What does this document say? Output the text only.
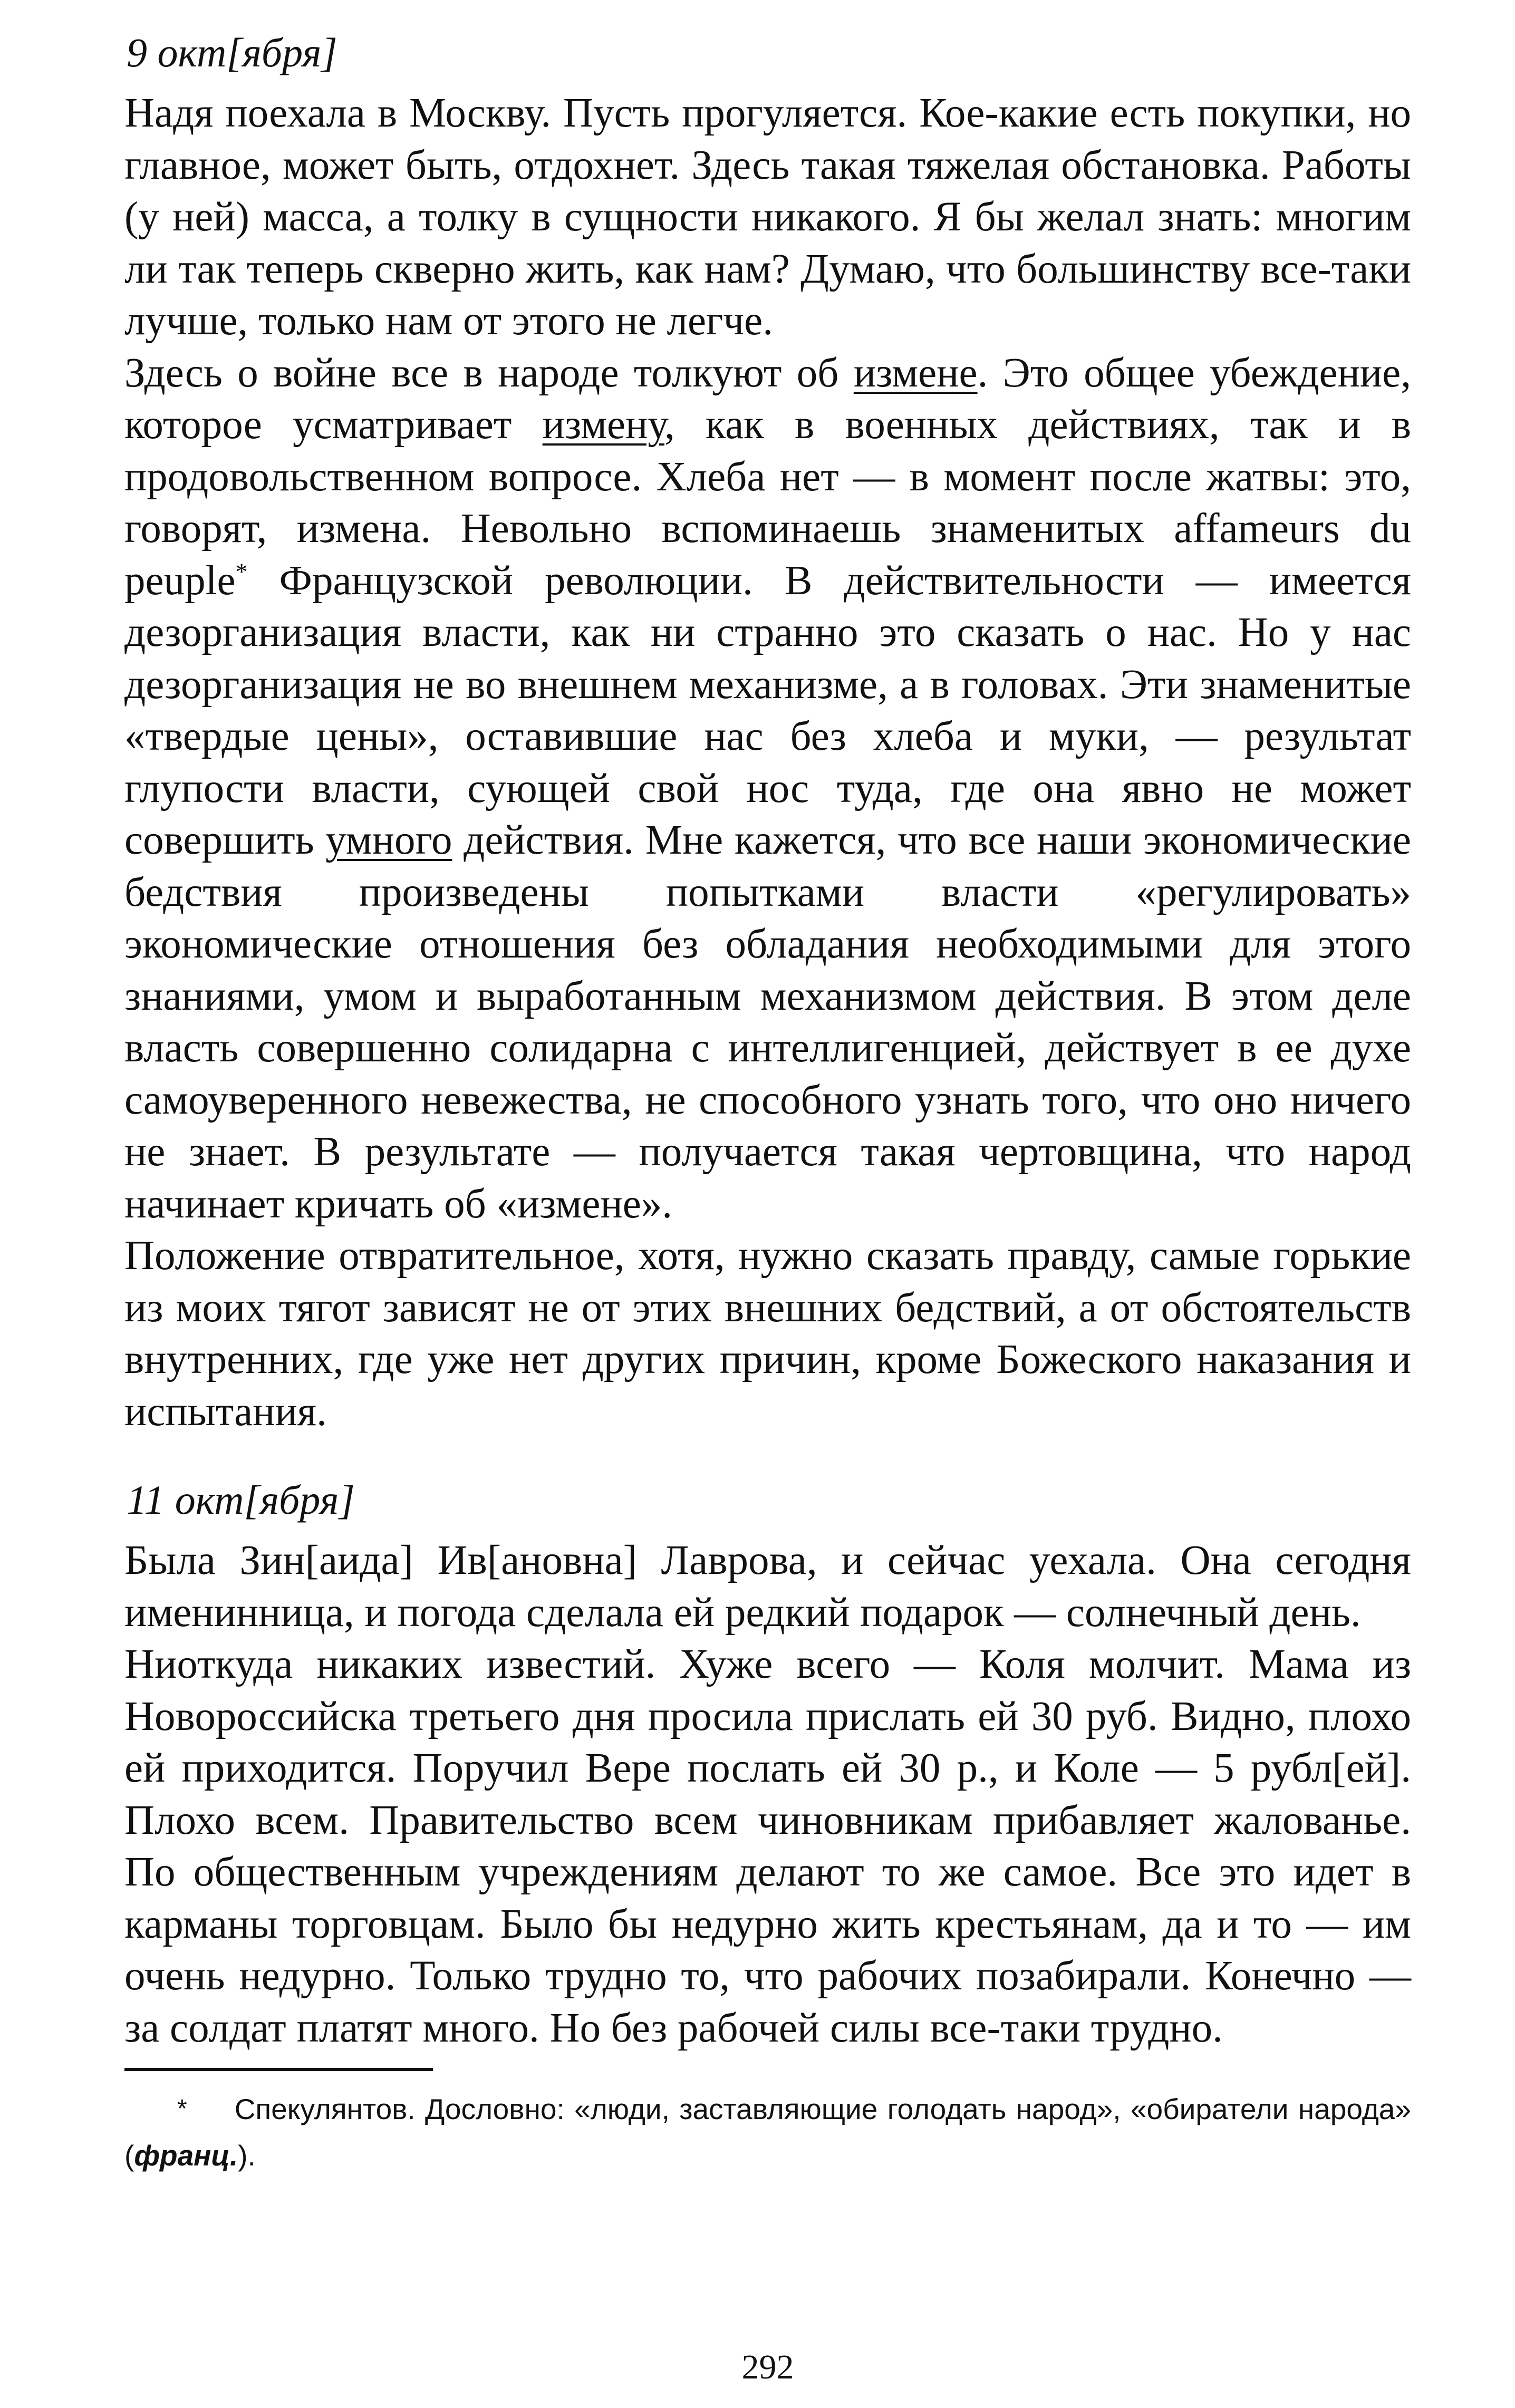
9 окт[ября]

Надя поехала в Москву. Пусть прогуляется. Кое-какие есть покупки, но главное, может быть, отдохнет. Здесь такая тяжелая обстановка. Работы (у ней) масса, а толку в сущности никакого. Я бы желал знать: многим ли так теперь скверно жить, как нам? Думаю, что большинству все-таки лучше, только нам от этого не легче.

Здесь о войне все в народе толкуют об измене. Это общее убеждение, которое усматривает измену, как в военных действиях, так и в продовольственном вопросе. Хлеба нет — в момент после жатвы: это, говорят, измена. Невольно вспоминаешь знаменитых affameurs du peuple* Французской революции. В действительности — имеется дезорганизация власти, как ни странно это сказать о нас. Но у нас дезорганизация не во внешнем механизме, а в головах. Эти знаменитые «твердые цены», оставившие нас без хлеба и муки, — результат глупости власти, сующей свой нос туда, где она явно не может совершить умного действия. Мне кажется, что все наши экономические бедствия произведены попытками власти «регулировать» экономические отношения без обладания необходимыми для этого знаниями, умом и выработанным механизмом действия. В этом деле власть совершенно солидарна с интеллигенцией, действует в ее духе самоуверенного невежества, не способного узнать того, что оно ничего не знает. В результате — получается такая чертовщина, что народ начинает кричать об «измене».

Положение отвратительное, хотя, нужно сказать правду, самые горькие из моих тягот зависят не от этих внешних бедствий, а от обстоятельств внутренних, где уже нет других причин, кроме Божеского наказания и испытания.

11 окт[ября]

Была Зин[аида] Ив[ановна] Лаврова, и сейчас уехала. Она сегодня именинница, и погода сделала ей редкий подарок — солнечный день.

Ниоткуда никаких известий. Хуже всего — Коля молчит. Мама из Новороссийска третьего дня просила прислать ей 30 руб. Видно, плохо ей приходится. Поручил Вере послать ей 30 р., и Коле — 5 рубл[ей]. Плохо всем. Правительство всем чиновникам прибавляет жалованье. По общественным учреждениям делают то же самое. Все это идет в карманы торговцам. Было бы недурно жить крестьянам, да и то — им очень недурно. Только трудно то, что рабочих позабирали. Конечно — за солдат платят много. Но без рабочей силы все-таки трудно.

* Спекулянтов. Дословно: «люди, заставляющие голодать народ», «обиратели народа» (франц.).
292
